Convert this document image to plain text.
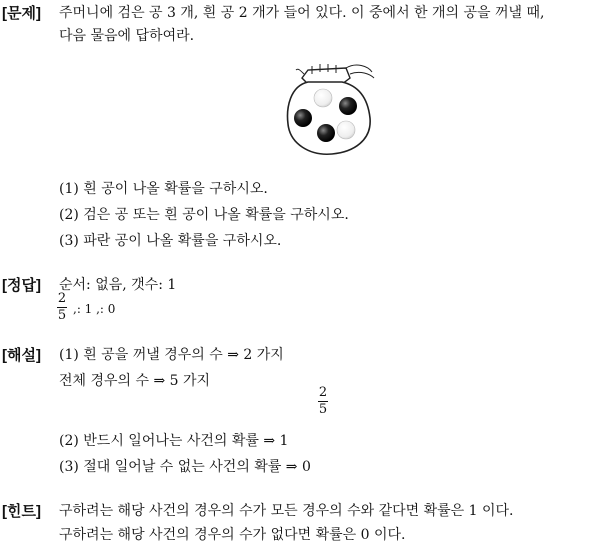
[문제] 주머니에 검은 공 3 개, 흰 공 2 개가 들어 있다. 이 중에서 한 개의 공을 꺼낼 때,
다음 물음에 답하여라.
(1) 흰 공이 나올 확률을 구하시오.
(2) 검은 공 또는 흰 공이 나올 확률을 구하시오.
(3) 파란 공이 나올 확률을 구하시오.
[정답] 순서: 없음, 갯수: 1
2
5 ,: 1 ,: 0
[해설] (1) 흰 공을 꺼낼 경우의 수 ⇒ 2 가지
전체 경우의 수 ⇒ 5 가지
2
5
(2) 반드시 일어나는 사건의 확률 ⇒ 1
(3) 절대 일어날 수 없는 사건의 확률 ⇒ 0
[힌트] 구하려는 해당 사건의 경우의 수가 모든 경우의 수와 같다면 확률은 1 이다.
구하려는 해당 사건의 경우의 수가 없다면 확률은 0 이다.
